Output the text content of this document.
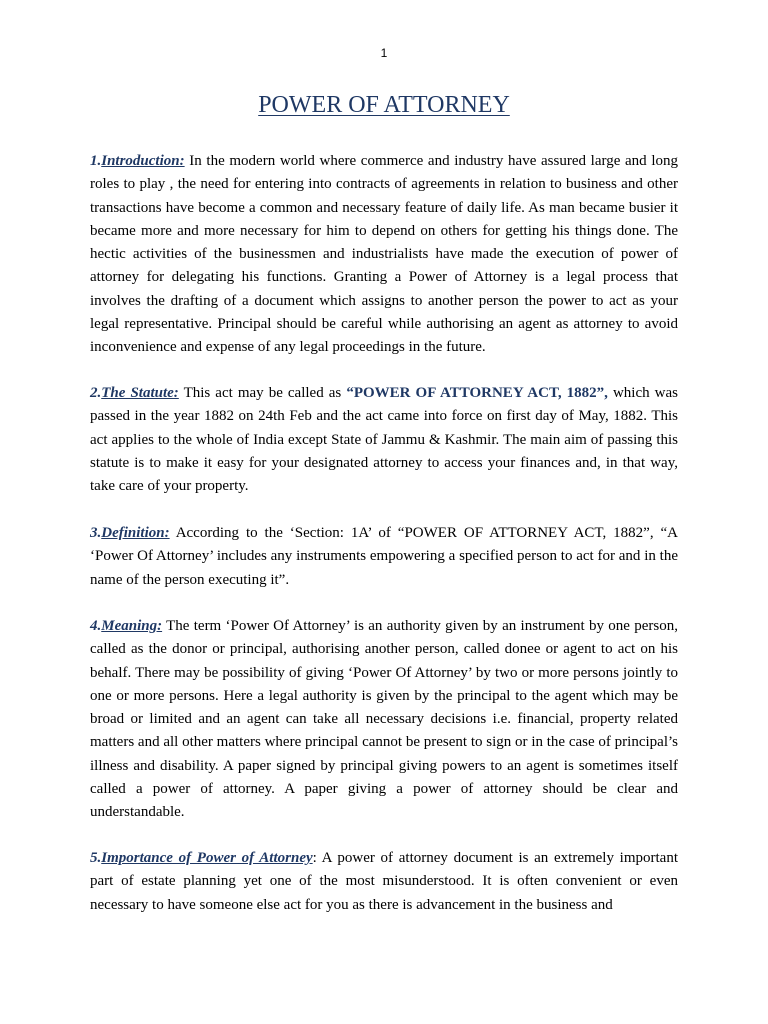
1
POWER OF ATTORNEY

1.Introduction: In the modern world where commerce and industry have assured large and long roles to play , the need for entering into contracts of agreements in relation to business and other transactions have become a common and necessary feature of daily life. As man became busier it became more and more necessary for him to depend on others for getting his things done. The hectic activities of the businessmen and industrialists have made the execution of power of attorney for delegating his functions. Granting a Power of Attorney is a legal process that involves the drafting of a document which assigns to another person the power to act as your legal representative. Principal should be careful while authorising an agent as attorney to avoid inconvenience and expense of any legal proceedings in the future.

2.The Statute: This act may be called as “POWER OF ATTORNEY ACT, 1882”, which was passed in the year 1882 on 24th Feb and the act came into force on first day of May, 1882. This act applies to the whole of India except State of Jammu & Kashmir. The main aim of passing this statute is to make it easy for your designated attorney to access your finances and, in that way, take care of your property.

3.Definition: According to the ‘Section: 1A’ of “POWER OF ATTORNEY ACT, 1882”, “A ‘Power Of Attorney’ includes any instruments empowering a specified person to act for and in the name of the person executing it”.

4.Meaning: The term ‘Power Of Attorney’ is an authority given by an instrument by one person, called as the donor or principal, authorising another person, called donee or agent to act on his behalf. There may be possibility of giving ‘Power Of Attorney’ by two or more persons jointly to one or more persons. Here a legal authority is given by the principal to the agent which may be broad or limited and an agent can take all necessary decisions i.e. financial, property related matters and all other matters where principal cannot be present to sign or in the case of principal’s illness and disability. A paper signed by principal giving powers to an agent is sometimes itself called a power of attorney. A paper giving a power of attorney should be clear and understandable.

5.Importance of Power of Attorney: A power of attorney document is an extremely important part of estate planning yet one of the most misunderstood. It is often convenient or even necessary to have someone else act for you as there is advancement in the business and
